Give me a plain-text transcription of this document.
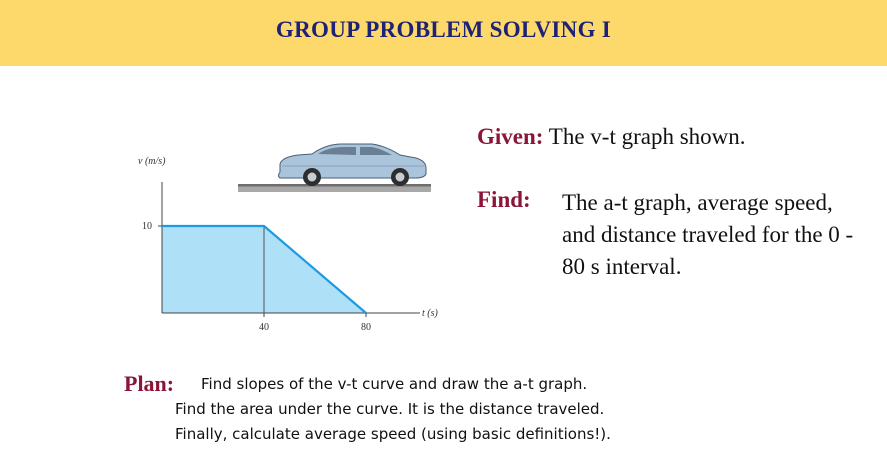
GROUP PROBLEM SOLVING I
v (m/s)
t (s)
10
40	80
Given: The v-t graph shown.
Find: The a-t graph, average speed, and distance traveled for the 0 - 80 s interval.
Plan: Find slopes of the v-t curve and draw the a-t graph.
Find the area under the curve. It is the distance traveled.
Finally, calculate average speed (using basic definitions!).
